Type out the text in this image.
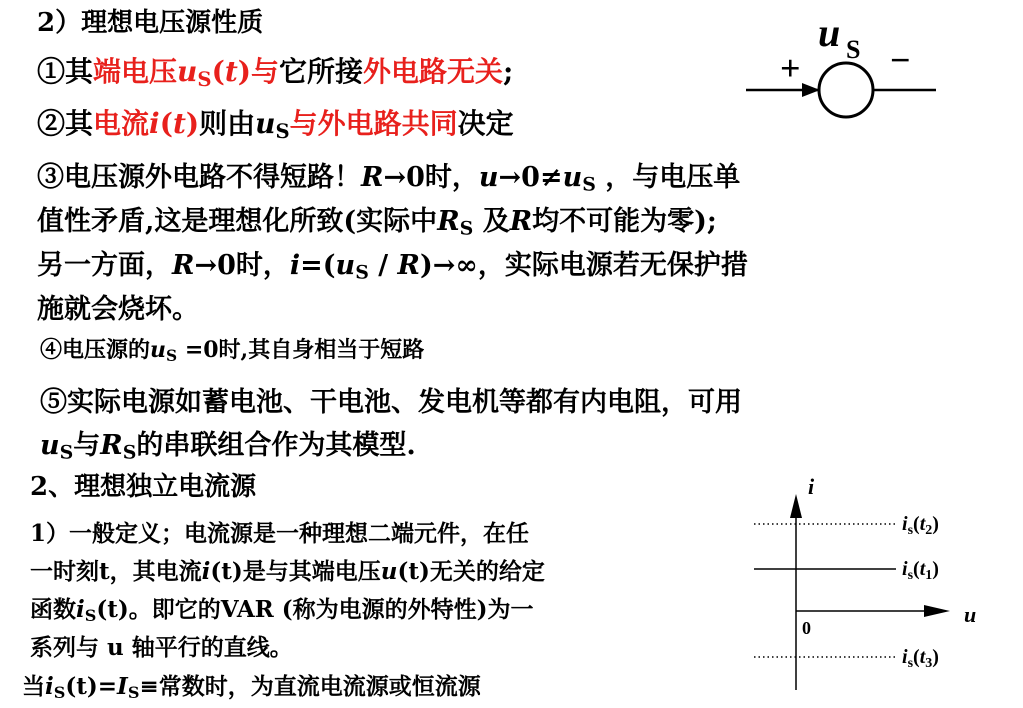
2）理想电压源性质
①其端电压$u_S(t)$与它所接外电路无关;
②其电流i(t)则由$u_S$与外电路共同决定
③电压源外电路不得短路！R→0时，$u\to 0\ne u_S$ ，与电压单
值性矛盾,这是理想化所致(实际中$R_S$ 及R均不可能为零);
另一方面，R→0时，$i=(u_S / R)\to\infty$，实际电源若无保护措
施就会烧坏。
④电压源的$u_S =0$时,其自身相当于短路
⑤实际电源如蓄电池、干电池、发电机等都有内电阻，可用
$u_S$与$R_S$的串联组合作为其模型.
2、理想独立电流源
1）一般定义；电流源是一种理想二端元件，在任
一时刻t，其电流i(t)是与其端电压u(t)无关的给定
函数$i_S(t)$。即它的VAR (称为电源的外特性)为一
系列与 u 轴平行的直线。
当$i_S(t)=I_S\equiv$常数时，为直流电流源或恒流源
u S
+ −
i
u
0
$i_s(t_2)$
$i_s(t_1)$
$i_s(t_3)$
